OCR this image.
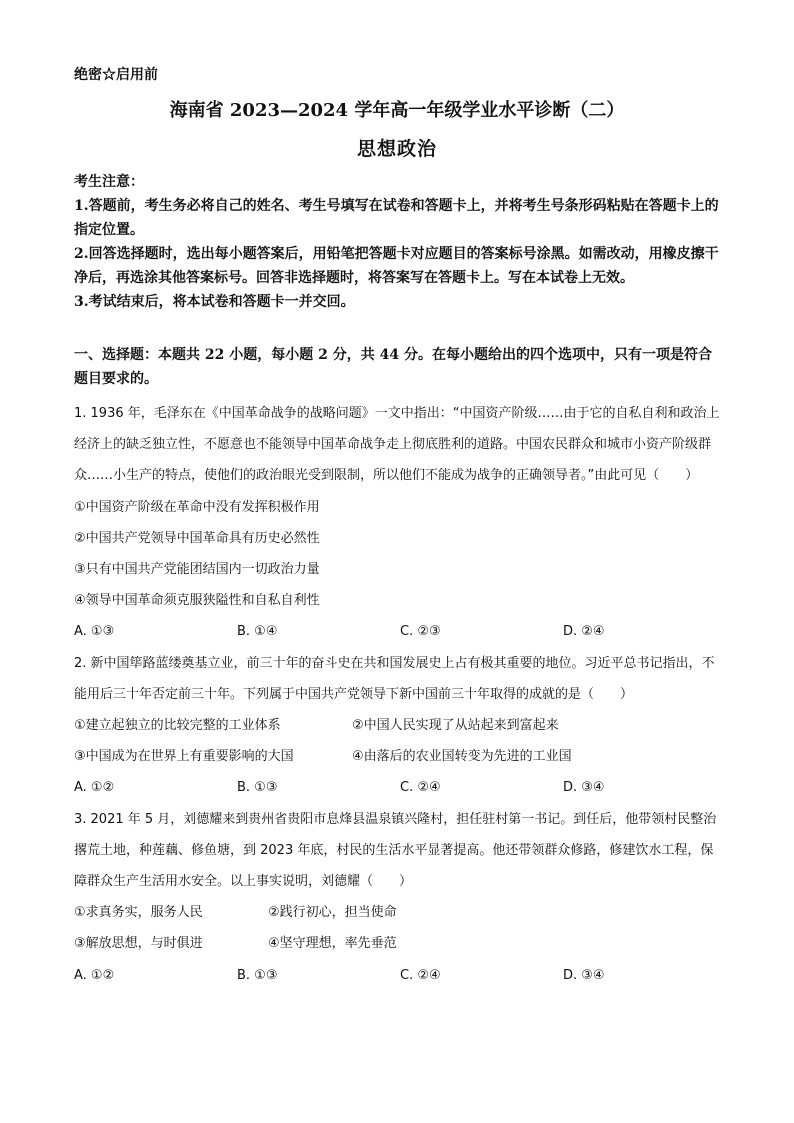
绝密☆启用前
海南省 2023—2024 学年高一年级学业水平诊断（二）
思想政治
考生注意：

1.答题前，考生务必将自己的姓名、考生号填写在试卷和答题卡上，并将考生号条形码粘贴在答题卡上的指定位置。

2.回答选择题时，选出每小题答案后，用铅笔把答题卡对应题目的答案标号涂黑。如需改动，用橡皮擦干净后，再选涂其他答案标号。回答非选择题时，将答案写在答题卡上。写在本试卷上无效。

3.考试结束后，将本试卷和答题卡一并交回。

一、选择题：本题共 22 小题，每小题 2 分，共 44 分。在每小题给出的四个选项中，只有一项是符合题目要求的。

1. 1936 年，毛泽东在《中国革命战争的战略问题》一文中指出：“中国资产阶级……由于它的自私自利和政治上经济上的缺乏独立性，不愿意也不能领导中国革命战争走上彻底胜利的道路。中国农民群众和城市小资产阶级群众……小生产的特点，使他们的政治眼光受到限制，所以他们不能成为战争的正确领导者。”由此可见（　　）

①中国资产阶级在革命中没有发挥积极作用

②中国共产党领导中国革命具有历史必然性

③只有中国共产党能团结国内一切政治力量

④领导中国革命须克服狭隘性和自私自利性

A. ①③	B. ①④	C. ②③	D. ②④

2. 新中国筚路蓝缕奠基立业，前三十年的奋斗史在共和国发展史上占有极其重要的地位。习近平总书记指出，不能用后三十年否定前三十年。下列属于中国共产党领导下新中国前三十年取得的成就的是（　　）

①建立起独立的比较完整的工业体系	②中国人民实现了从站起来到富起来
③中国成为在世界上有重要影响的大国	④由落后的农业国转变为先进的工业国
A. ①②	B. ①③	C. ②④	D. ③④

3. 2021 年 5 月，刘德耀来到贵州省贵阳市息烽县温泉镇兴隆村，担任驻村第一书记。到任后，他带领村民整治撂荒土地，种莲藕、修鱼塘，到 2023 年底，村民的生活水平显著提高。他还带领群众修路，修建饮水工程，保障群众生产生活用水安全。以上事实说明，刘德耀（　　）

①求真务实，服务人民	②践行初心，担当使命
③解放思想，与时俱进	④坚守理想，率先垂范
A. ①②	B. ①③	C. ②④	D. ③④
